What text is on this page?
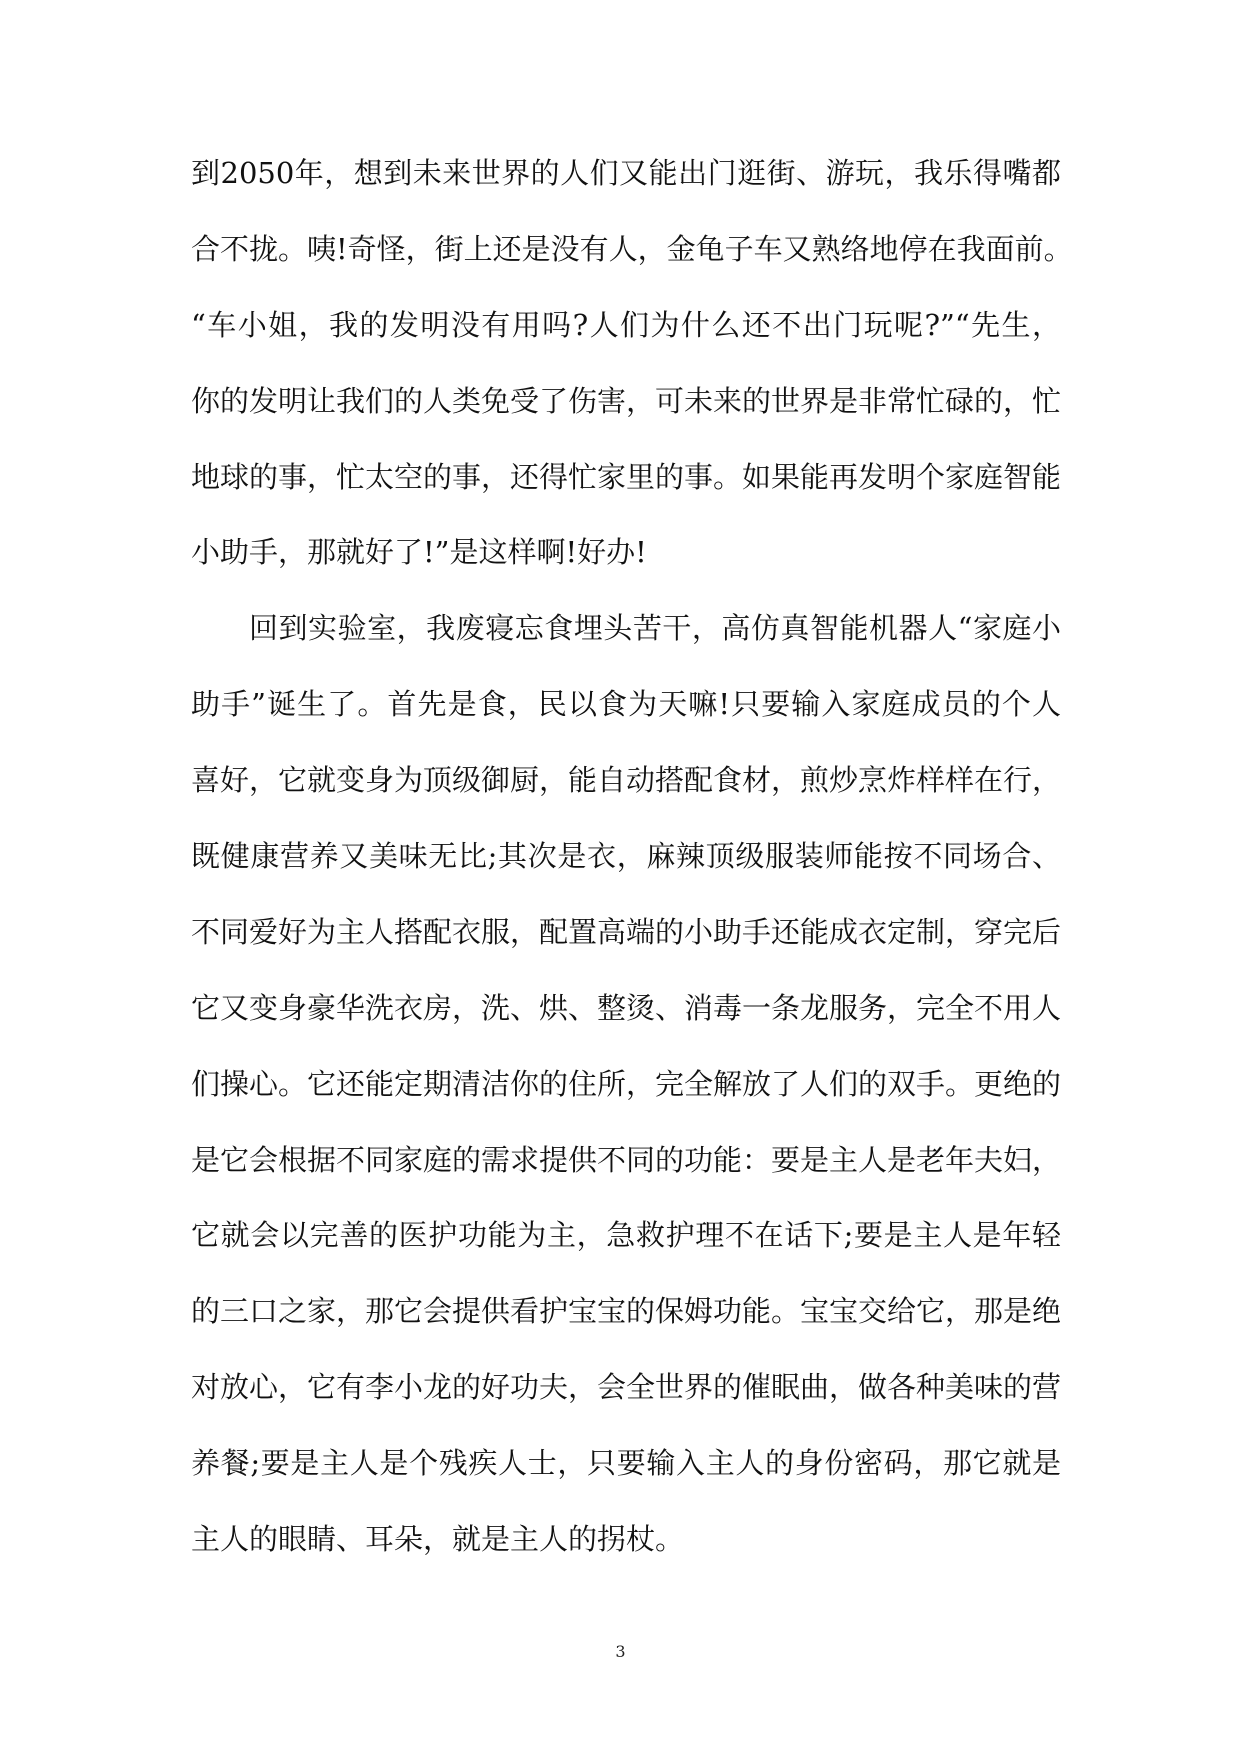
到2050年，想到未来世界的人们又能出门逛街、游玩，我乐得嘴都
合不拢。咦!奇怪，街上还是没有人，金龟子车又熟络地停在我面前。
“车小姐，我的发明没有用吗?人们为什么还不出门玩呢?”“先生，
你的发明让我们的人类免受了伤害，可未来的世界是非常忙碌的，忙
地球的事，忙太空的事，还得忙家里的事。如果能再发明个家庭智能
小助手，那就好了!”是这样啊!好办!
回到实验室，我废寝忘食埋头苦干，高仿真智能机器人“家庭小
助手”诞生了。首先是食，民以食为天嘛!只要输入家庭成员的个人
喜好，它就变身为顶级御厨，能自动搭配食材，煎炒烹炸样样在行，
既健康营养又美味无比;其次是衣，麻辣顶级服装师能按不同场合、
不同爱好为主人搭配衣服，配置高端的小助手还能成衣定制，穿完后
它又变身豪华洗衣房，洗、烘、整烫、消毒一条龙服务，完全不用人
们操心。它还能定期清洁你的住所，完全解放了人们的双手。更绝的
是它会根据不同家庭的需求提供不同的功能：要是主人是老年夫妇，
它就会以完善的医护功能为主，急救护理不在话下;要是主人是年轻
的三口之家，那它会提供看护宝宝的保姆功能。宝宝交给它，那是绝
对放心，它有李小龙的好功夫，会全世界的催眠曲，做各种美味的营
养餐;要是主人是个残疾人士，只要输入主人的身份密码，那它就是
主人的眼睛、耳朵，就是主人的拐杖。
3
